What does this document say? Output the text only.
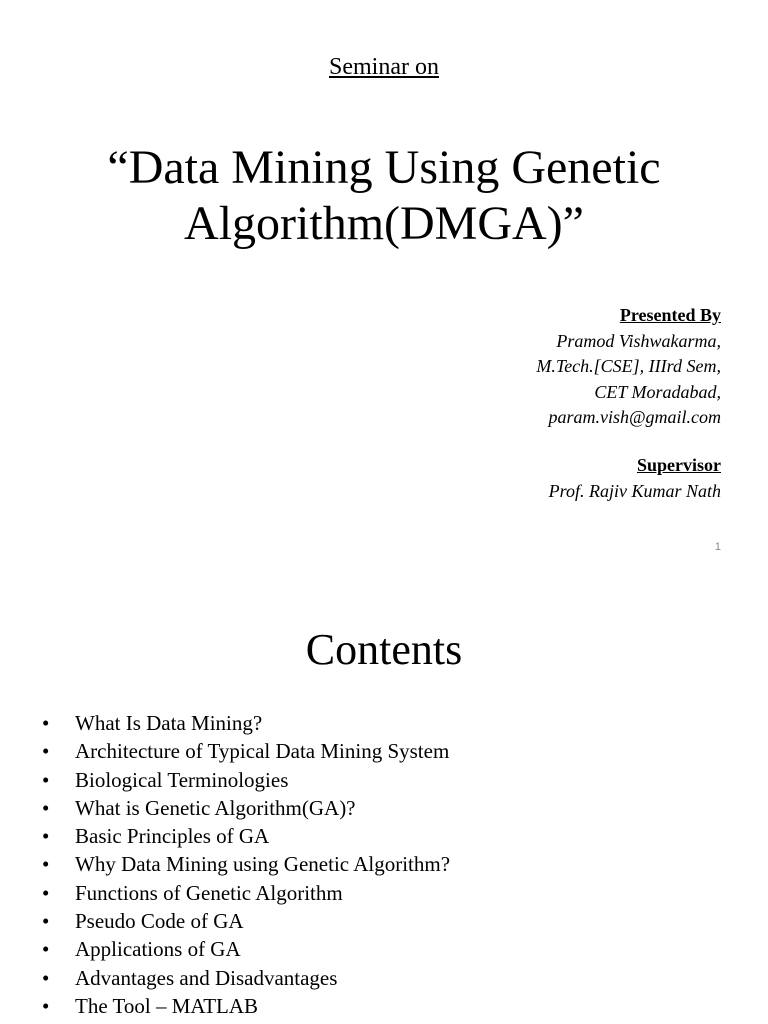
Seminar on
“Data Mining Using Genetic
Algorithm(DMGA)”
Presented By
Pramod Vishwakarma,
M.Tech.[CSE], IIIrd Sem,
CET Moradabad,
param.vish@gmail.com
Supervisor
Prof. Rajiv Kumar Nath
1
Contents
• What Is Data Mining?
• Architecture of Typical Data Mining System
• Biological Terminologies
• What is Genetic Algorithm(GA)?
• Basic Principles of GA
• Why Data Mining using Genetic Algorithm?
• Functions of Genetic Algorithm
• Pseudo Code of GA
• Applications of GA
• Advantages and Disadvantages
• The Tool – MATLAB
